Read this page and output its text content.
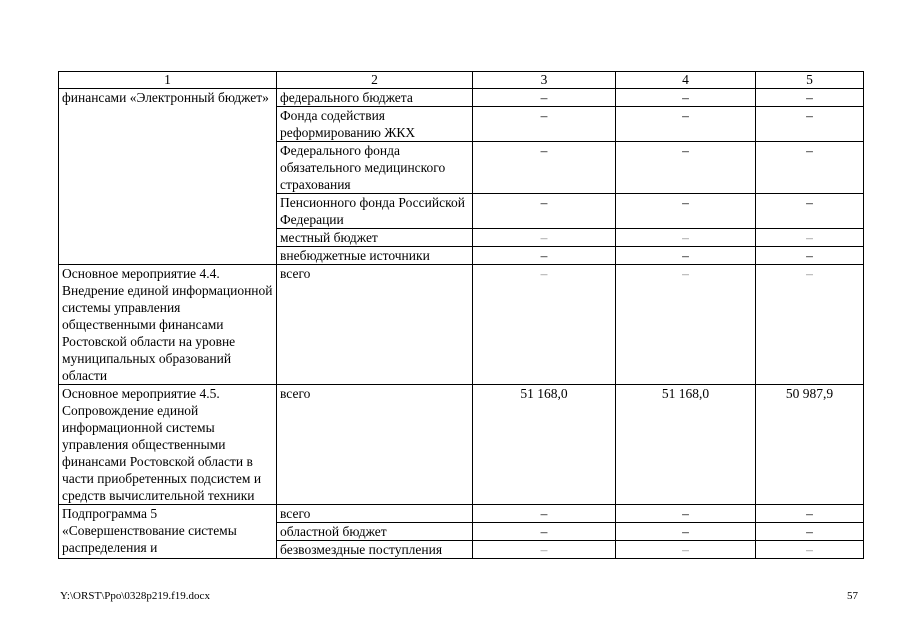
1	2	3	4	5
финансами «Электронный бюджет»	федерального бюджета	–	–	–
	Фонда содействия реформированию ЖКХ	–	–	–
	Федерального фонда обязательного медицинского страхования	–	–	–
	Пенсионного фонда Российской Федерации	–	–	–
	местный бюджет	–	–	–
	внебюджетные источники	–	–	–
Основное мероприятие 4.4. Внедрение единой информационной системы управления общественными финансами Ростовской области на уровне муниципальных образований области	всего	–	–	–
Основное мероприятие 4.5. Сопровождение единой информационной системы управления общественными финансами Ростовской области в части приобретенных подсистем и средств вычислительной техники	всего	51 168,0	51 168,0	50 987,9
Подпрограмма 5 «Совершенствование системы распределения и	всего	–	–	–
	областной бюджет	–	–	–
	безвозмездные поступления	–	–	–
Y:\ORST\Ppo\0328p219.f19.docx	57
